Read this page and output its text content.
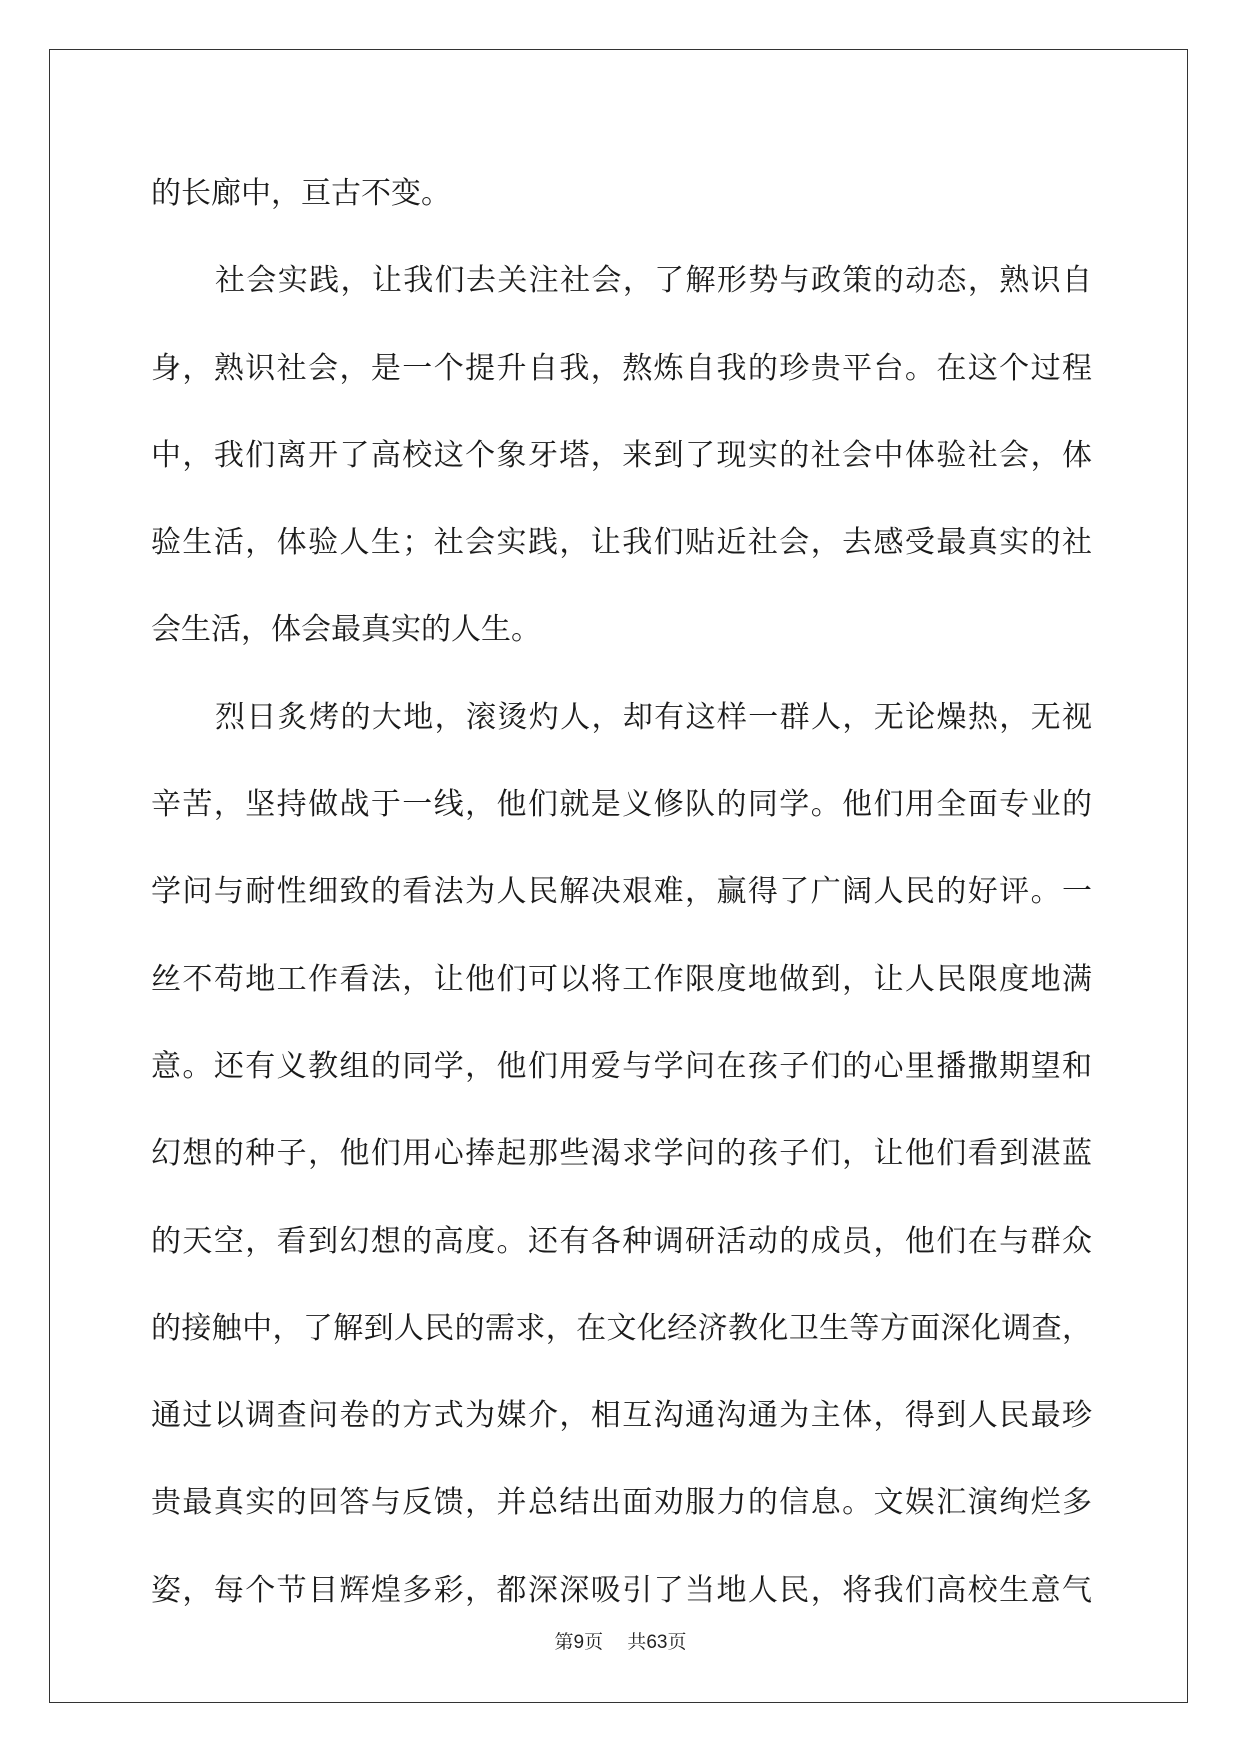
的长廊中，亘古不变。
社会实践，让我们去关注社会，了解形势与政策的动态，熟识自
身，熟识社会，是一个提升自我，熬炼自我的珍贵平台。在这个过程
中，我们离开了高校这个象牙塔，来到了现实的社会中体验社会，体
验生活，体验人生；社会实践，让我们贴近社会，去感受最真实的社
会生活，体会最真实的人生。
烈日炙烤的大地，滚烫灼人，却有这样一群人，无论燥热，无视
辛苦，坚持做战于一线，他们就是义修队的同学。他们用全面专业的
学问与耐性细致的看法为人民解决艰难，赢得了广阔人民的好评。一
丝不苟地工作看法，让他们可以将工作限度地做到，让人民限度地满
意。还有义教组的同学，他们用爱与学问在孩子们的心里播撒期望和
幻想的种子，他们用心捧起那些渴求学问的孩子们，让他们看到湛蓝
的天空，看到幻想的高度。还有各种调研活动的成员，他们在与群众
的接触中，了解到人民的需求，在文化经济教化卫生等方面深化调查，
通过以调查问卷的方式为媒介，相互沟通沟通为主体，得到人民最珍
贵最真实的回答与反馈，并总结出面劝服力的信息。文娱汇演绚烂多
姿，每个节目辉煌多彩，都深深吸引了当地人民，将我们高校生意气
第9页 共63页
